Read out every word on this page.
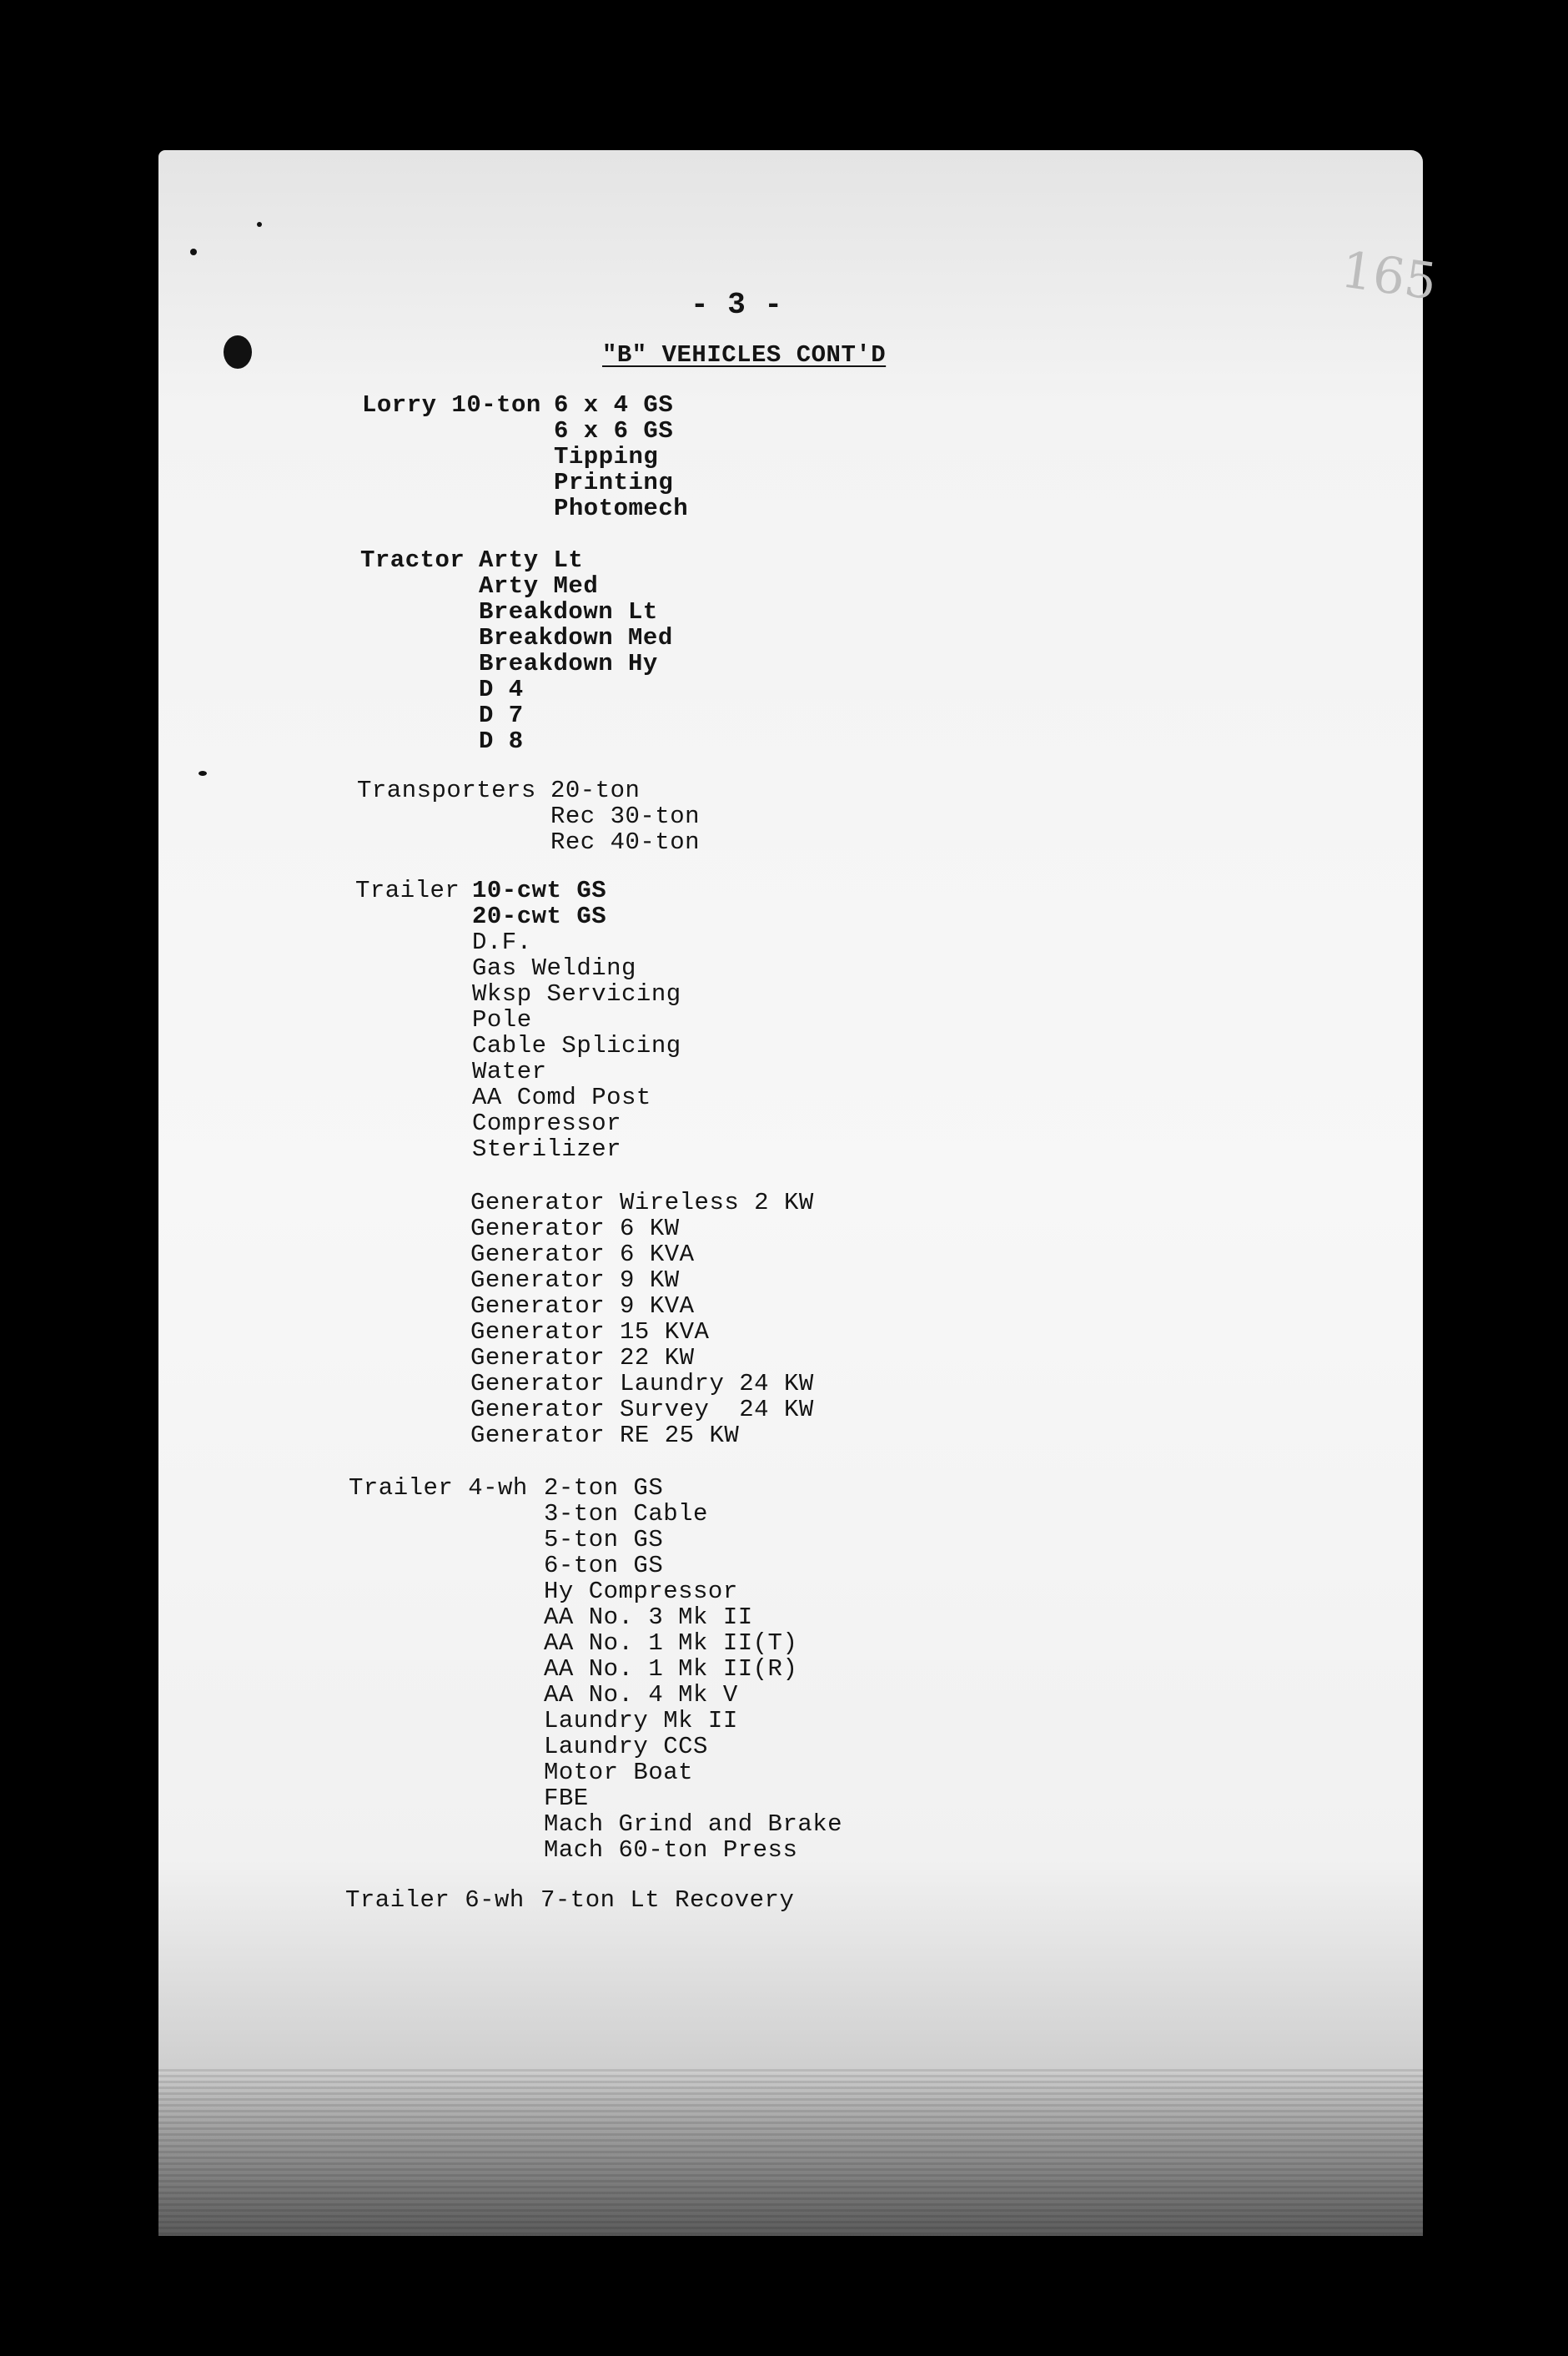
165
- 3 -
"B" VEHICLES CONT'D
Lorry 10-ton 6 x 4 GS
6 x 6 GS
Tipping
Printing
Photomech
Tractor Arty Lt
Arty Med
Breakdown Lt
Breakdown Med
Breakdown Hy
D 4
D 7
D 8
Transporters 20-ton
Rec 30-ton
Rec 40-ton
Trailer 10-cwt GS
20-cwt GS
D.F.
Gas Welding
Wksp Servicing
Pole
Cable Splicing
Water
AA Comd Post
Compressor
Sterilizer
Generator Wireless 2 KW
Generator 6 KW
Generator 6 KVA
Generator 9 KW
Generator 9 KVA
Generator 15 KVA
Generator 22 KW
Generator Laundry 24 KW
Generator Survey  24 KW
Generator RE 25 KW
Trailer 4-wh 2-ton GS
3-ton Cable
5-ton GS
6-ton GS
Hy Compressor
AA No. 3 Mk II
AA No. 1 Mk II(T)
AA No. 1 Mk II(R)
AA No. 4 Mk V
Laundry Mk II
Laundry CCS
Motor Boat
FBE
Mach Grind and Brake
Mach 60-ton Press
Trailer 6-wh 7-ton Lt Recovery
